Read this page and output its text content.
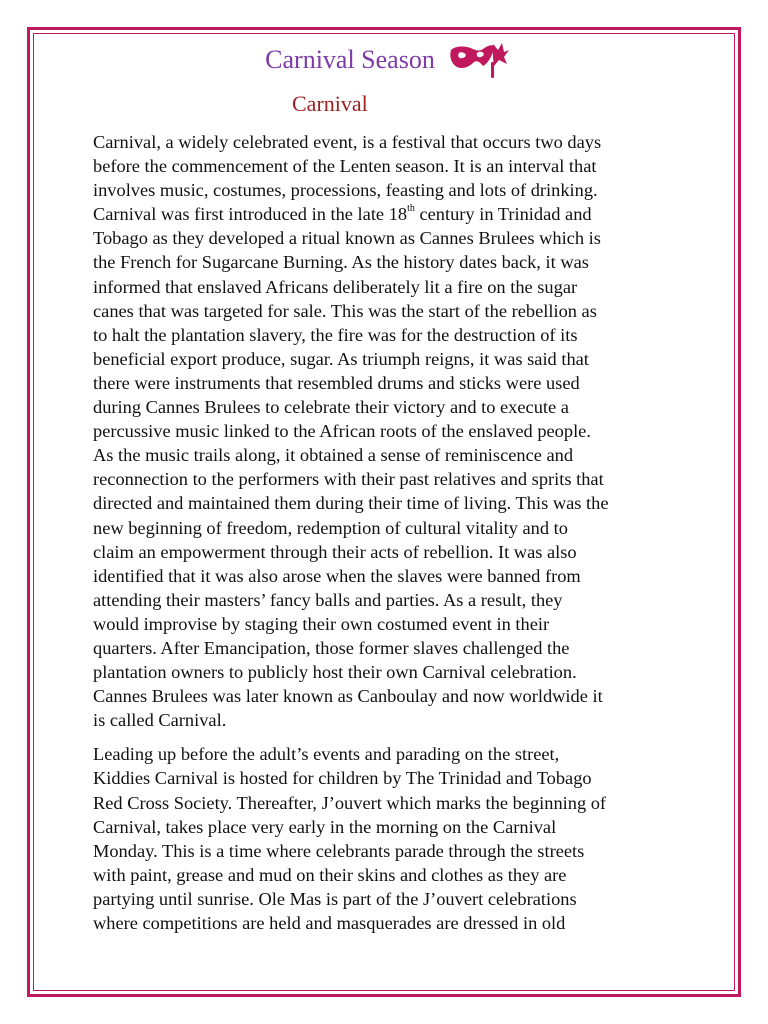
Carnival Season
Carnival

Carnival, a widely celebrated event, is a festival that occurs two days
before the commencement of the Lenten season. It is an interval that
involves music, costumes, processions, feasting and lots of drinking.
Carnival was first introduced in the late 18th century in Trinidad and
Tobago as they developed a ritual known as Cannes Brulees which is
the French for Sugarcane Burning. As the history dates back, it was
informed that enslaved Africans deliberately lit a fire on the sugar
canes that was targeted for sale. This was the start of the rebellion as
to halt the plantation slavery, the fire was for the destruction of its
beneficial export produce, sugar. As triumph reigns, it was said that
there were instruments that resembled drums and sticks were used
during Cannes Brulees to celebrate their victory and to execute a
percussive music linked to the African roots of the enslaved people.
As the music trails along, it obtained a sense of reminiscence and
reconnection to the performers with their past relatives and sprits that
directed and maintained them during their time of living. This was the
new beginning of freedom, redemption of cultural vitality and to
claim an empowerment through their acts of rebellion. It was also
identified that it was also arose when the slaves were banned from
attending their masters’ fancy balls and parties. As a result, they
would improvise by staging their own costumed event in their
quarters. After Emancipation, those former slaves challenged the
plantation owners to publicly host their own Carnival celebration.
Cannes Brulees was later known as Canboulay and now worldwide it
is called Carnival.

Leading up before the adult’s events and parading on the street,
Kiddies Carnival is hosted for children by The Trinidad and Tobago
Red Cross Society. Thereafter, J’ouvert which marks the beginning of
Carnival, takes place very early in the morning on the Carnival
Monday. This is a time where celebrants parade through the streets
with paint, grease and mud on their skins and clothes as they are
partying until sunrise. Ole Mas is part of the J’ouvert celebrations
where competitions are held and masquerades are dressed in old
